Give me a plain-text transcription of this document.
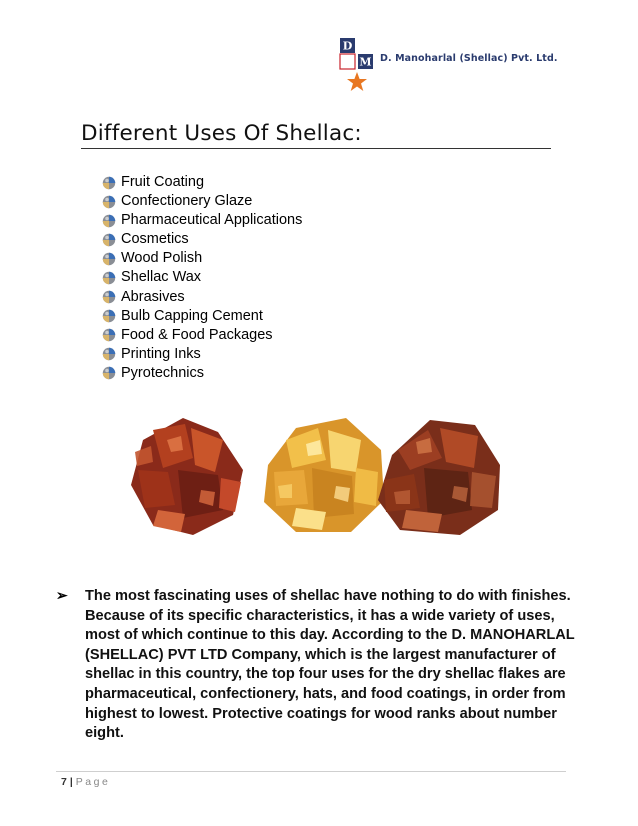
D
M D. Manoharlal (Shellac) Pvt. Ltd.
Different Uses Of Shellac:
Fruit Coating
Confectionery Glaze
Pharmaceutical Applications
Cosmetics
Wood Polish
Shellac Wax
Abrasives
Bulb Capping Cement
Food & Food Packages
Printing Inks
Pyrotechnics
➢ The most fascinating uses of shellac have nothing to do with finishes. Because of its specific characteristics, it has a wide variety of uses, most of which continue to this day. According to the D. MANOHARLAL (SHELLAC) PVT LTD Company, which is the largest manufacturer of shellac in this country, the top four uses for the dry shellac flakes are pharmaceutical, confectionery, hats, and food coatings, in order from highest to lowest. Protective coatings for wood ranks about number eight.

7 | Page
